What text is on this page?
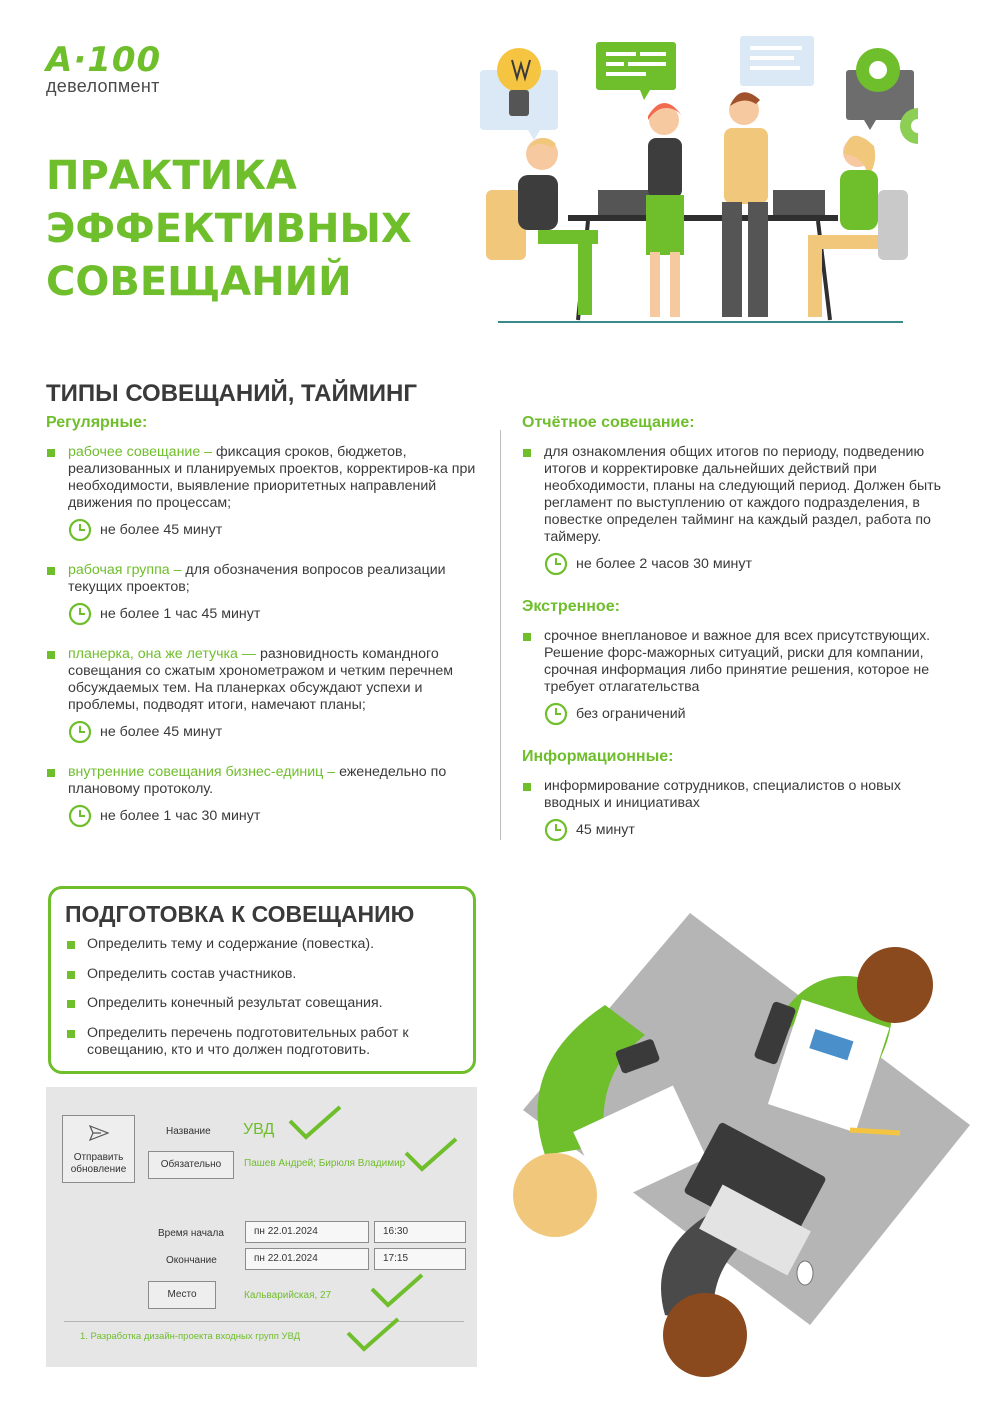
A·100
девелопмент
ПРАКТИКА
ЭФФЕКТИВНЫХ
СОВЕЩАНИЙ
ТИПЫ СОВЕЩАНИЙ, ТАЙМИНГ
Регулярные:
рабочее совещание – фиксация сроков, бюджетов, реализованных и планируемых проектов, корректиров-ка при необходимости, выявление приоритетных направлений движения по процессам;
не более 45 минут
рабочая группа – для обозначения вопросов реализации текущих проектов;
не более 1 час 45 минут
планерка, она же летучка — разновидность командного совещания со сжатым хронометражом и четким перечнем обсуждаемых тем. На планерках обсуждают успехи и проблемы, подводят итоги, намечают планы;
не более 45 минут
внутренние совещания бизнес-единиц – еженедельно по плановому протоколу.
не более 1 час 30 минут
Отчётное совещание:
для ознакомления общих итогов по периоду, подведению итогов и корректировке дальнейших действий при необходимости, планы на следующий период. Должен быть регламент по выступлению от каждого подразделения, в повестке определен тайминг на каждый раздел, работа по таймеру.
не более 2 часов 30 минут
Экстренное:
срочное внеплановое и важное для всех присутствующих. Решение форс-мажорных ситуаций, риски для компании, срочная информация либо принятие решения, которое не требует отлагательства
без ограничений
Информационные:
информирование сотрудников, специалистов о новых вводных и инициативах
45 минут
ПОДГОТОВКА К СОВЕЩАНИЮ
Определить тему и содержание (повестка).
Определить состав участников.
Определить конечный результат совещания.
Определить перечень подготовительных работ к совещанию, кто и что должен подготовить.
Отправить обновление
Название УВД
Обязательно	Пашев Андрей; Бирюля Владимир
Время начала	пн 22.01.2024	16:30
Окончание	пн 22.01.2024	17:15
Место	Кальварийская, 27
1. Разработка дизайн-проекта входных групп УВД
